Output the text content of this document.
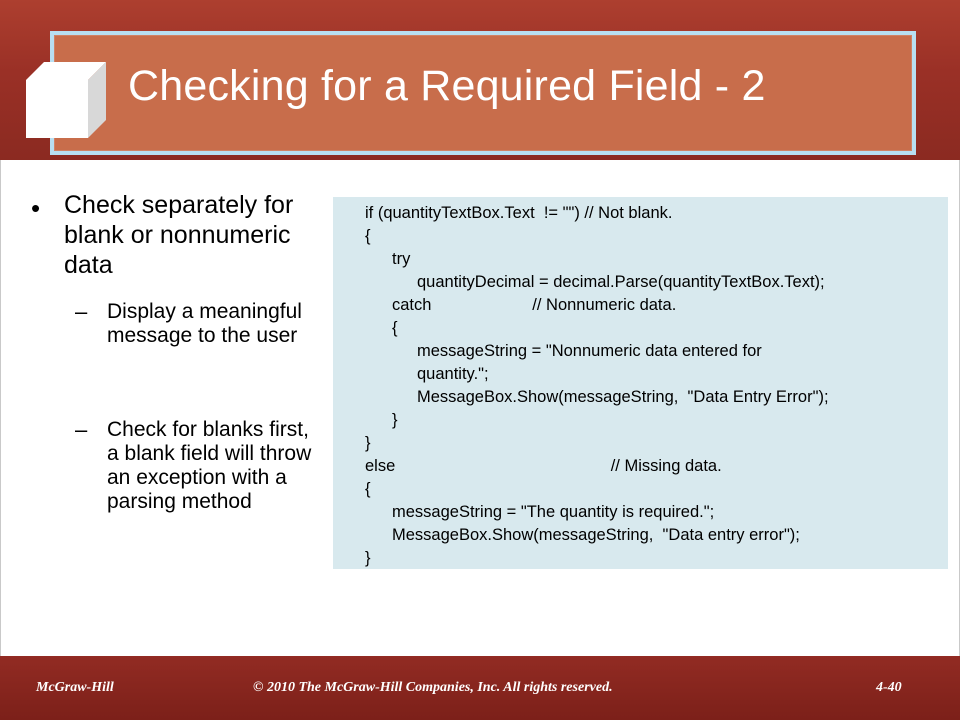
Checking for a Required Field - 2
• Check separately for blank or nonnumeric data
– Display a meaningful message to the user
– Check for blanks first, a blank field will throw an exception with a parsing method
if (quantityTextBox.Text  != "") // Not blank.
{
try
quantityDecimal = decimal.Parse(quantityTextBox.Text);
catch                      // Nonnumeric data.
{
messageString = "Nonnumeric data entered for
quantity.";
MessageBox.Show(messageString,  "Data Entry Error");
}
}
else                                               // Missing data.
{
messageString = "The quantity is required.";
MessageBox.Show(messageString,  "Data entry error");
}
McGraw-Hill	© 2010 The McGraw-Hill Companies, Inc. All rights reserved.	4-40
